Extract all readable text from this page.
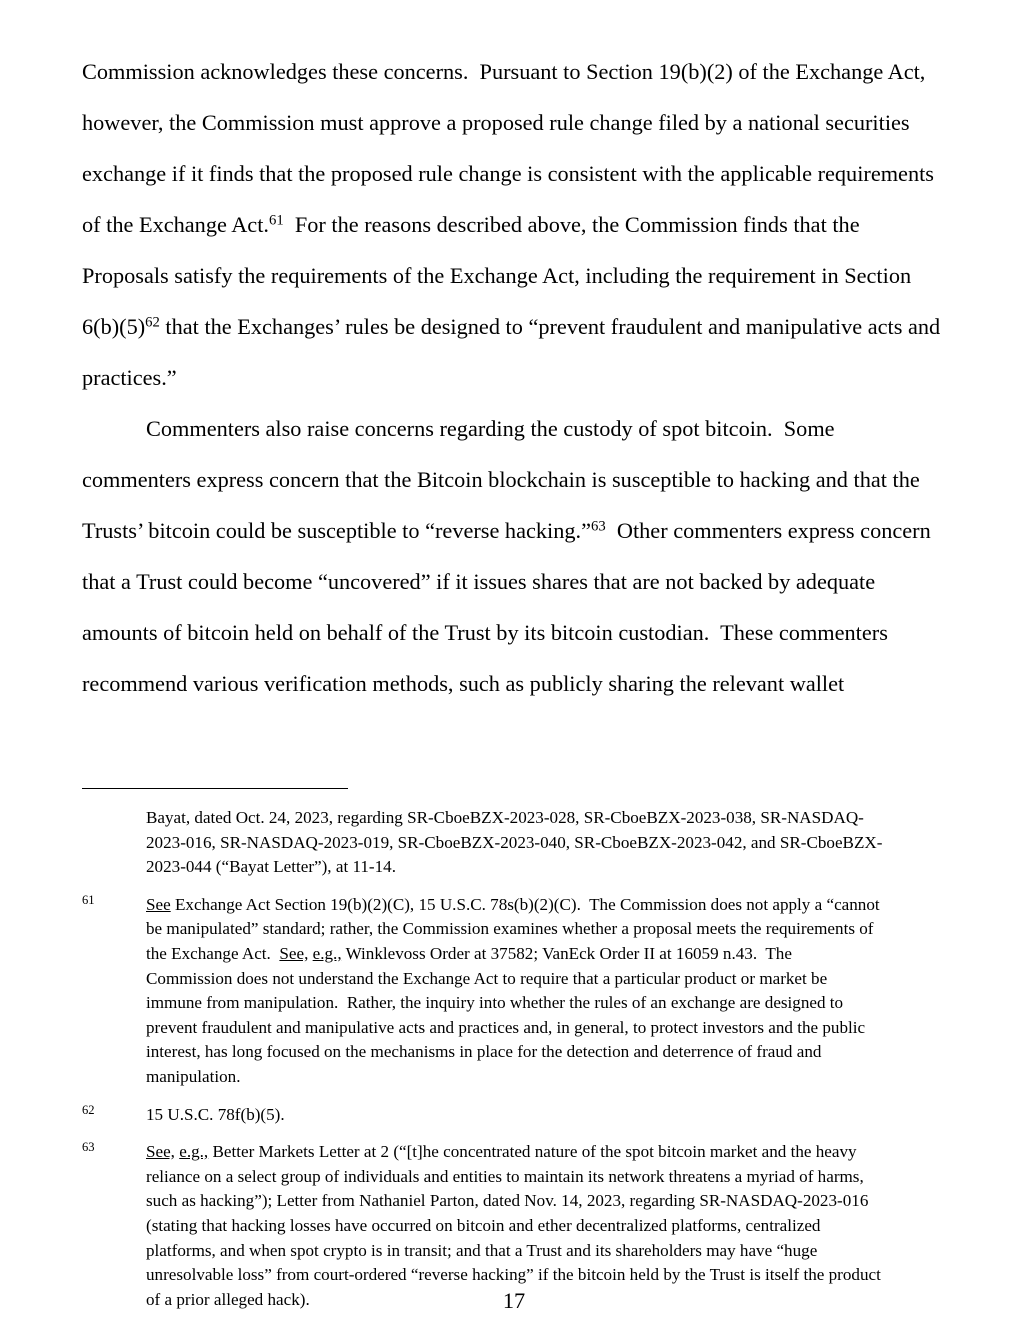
Commission acknowledges these concerns.  Pursuant to Section 19(b)(2) of the Exchange Act,
however, the Commission must approve a proposed rule change filed by a national securities
exchange if it finds that the proposed rule change is consistent with the applicable requirements
of the Exchange Act.$^{61}$  For the reasons described above, the Commission finds that the
Proposals satisfy the requirements of the Exchange Act, including the requirement in Section
$6(b)(5)^{62}$ that the Exchanges’ rules be designed to “prevent fraudulent and manipulative acts and
practices.”
Commenters also raise concerns regarding the custody of spot bitcoin.  Some
commenters express concern that the Bitcoin blockchain is susceptible to hacking and that the
Trusts’ bitcoin could be susceptible to “reverse hacking.”$^{63}$  Other commenters express concern
that a Trust could become “uncovered” if it issues shares that are not backed by adequate
amounts of bitcoin held on behalf of the Trust by its bitcoin custodian.  These commenters
recommend various verification methods, such as publicly sharing the relevant wallet
Bayat, dated Oct. 24, 2023, regarding SR-CboeBZX-2023-028, SR-CboeBZX-2023-038, SR-NASDAQ-
2023-016, SR-NASDAQ-2023-019, SR-CboeBZX-2023-040, SR-CboeBZX-2023-042, and SR-CboeBZX-
2023-044 (“Bayat Letter”), at 11-14.
61	See Exchange Act Section 19(b)(2)(C), 15 U.S.C. 78s(b)(2)(C).  The Commission does not apply a “cannot
be manipulated” standard; rather, the Commission examines whether a proposal meets the requirements of
the Exchange Act.  See, e.g., Winklevoss Order at 37582; VanEck Order II at 16059 n.43.  The
Commission does not understand the Exchange Act to require that a particular product or market be
immune from manipulation.  Rather, the inquiry into whether the rules of an exchange are designed to
prevent fraudulent and manipulative acts and practices and, in general, to protect investors and the public
interest, has long focused on the mechanisms in place for the detection and deterrence of fraud and
manipulation.
62	15 U.S.C. 78f(b)(5).
63	See, e.g., Better Markets Letter at 2 (“[t]he concentrated nature of the spot bitcoin market and the heavy
reliance on a select group of individuals and entities to maintain its network threatens a myriad of harms,
such as hacking”); Letter from Nathaniel Parton, dated Nov. 14, 2023, regarding SR-NASDAQ-2023-016
(stating that hacking losses have occurred on bitcoin and ether decentralized platforms, centralized
platforms, and when spot crypto is in transit; and that a Trust and its shareholders may have “huge
unresolvable loss” from court-ordered “reverse hacking” if the bitcoin held by the Trust is itself the product
of a prior alleged hack).	17
